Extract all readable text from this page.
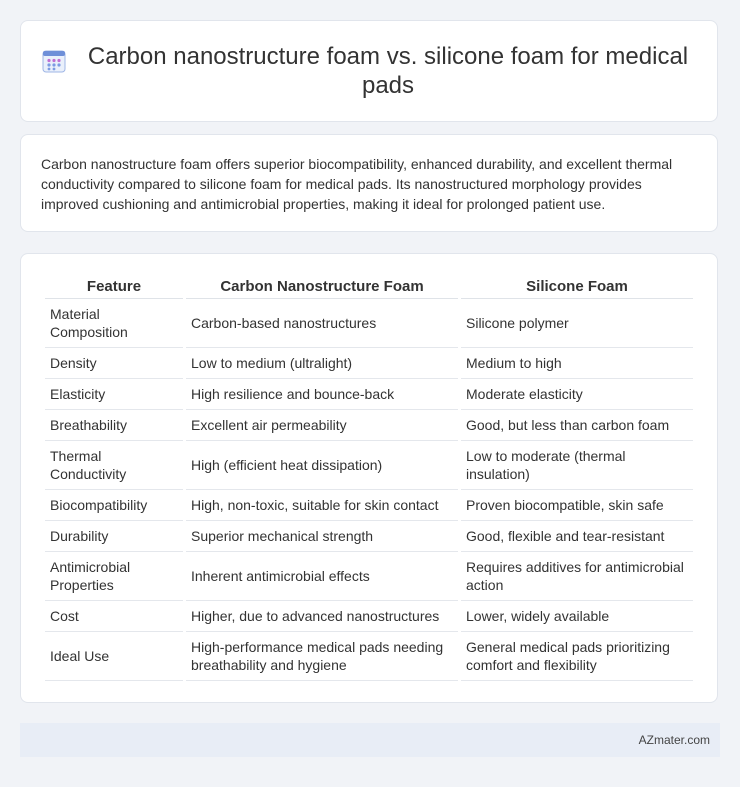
Carbon nanostructure foam vs. silicone foam for medical pads

Carbon nanostructure foam offers superior biocompatibility, enhanced durability, and excellent thermal conductivity compared to silicone foam for medical pads. Its nanostructured morphology provides improved cushioning and antimicrobial properties, making it ideal for prolonged patient use.

Feature	Carbon Nanostructure Foam	Silicone Foam
Material Composition	Carbon-based nanostructures	Silicone polymer
Density	Low to medium (ultralight)	Medium to high
Elasticity	High resilience and bounce-back	Moderate elasticity
Breathability	Excellent air permeability	Good, but less than carbon foam
Thermal Conductivity	High (efficient heat dissipation)	Low to moderate (thermal insulation)
Biocompatibility	High, non-toxic, suitable for skin contact	Proven biocompatible, skin safe
Durability	Superior mechanical strength	Good, flexible and tear-resistant
Antimicrobial Properties	Inherent antimicrobial effects	Requires additives for antimicrobial action
Cost	Higher, due to advanced nanostructures	Lower, widely available
Ideal Use	High-performance medical pads needing breathability and hygiene	General medical pads prioritizing comfort and flexibility
AZmater.com
